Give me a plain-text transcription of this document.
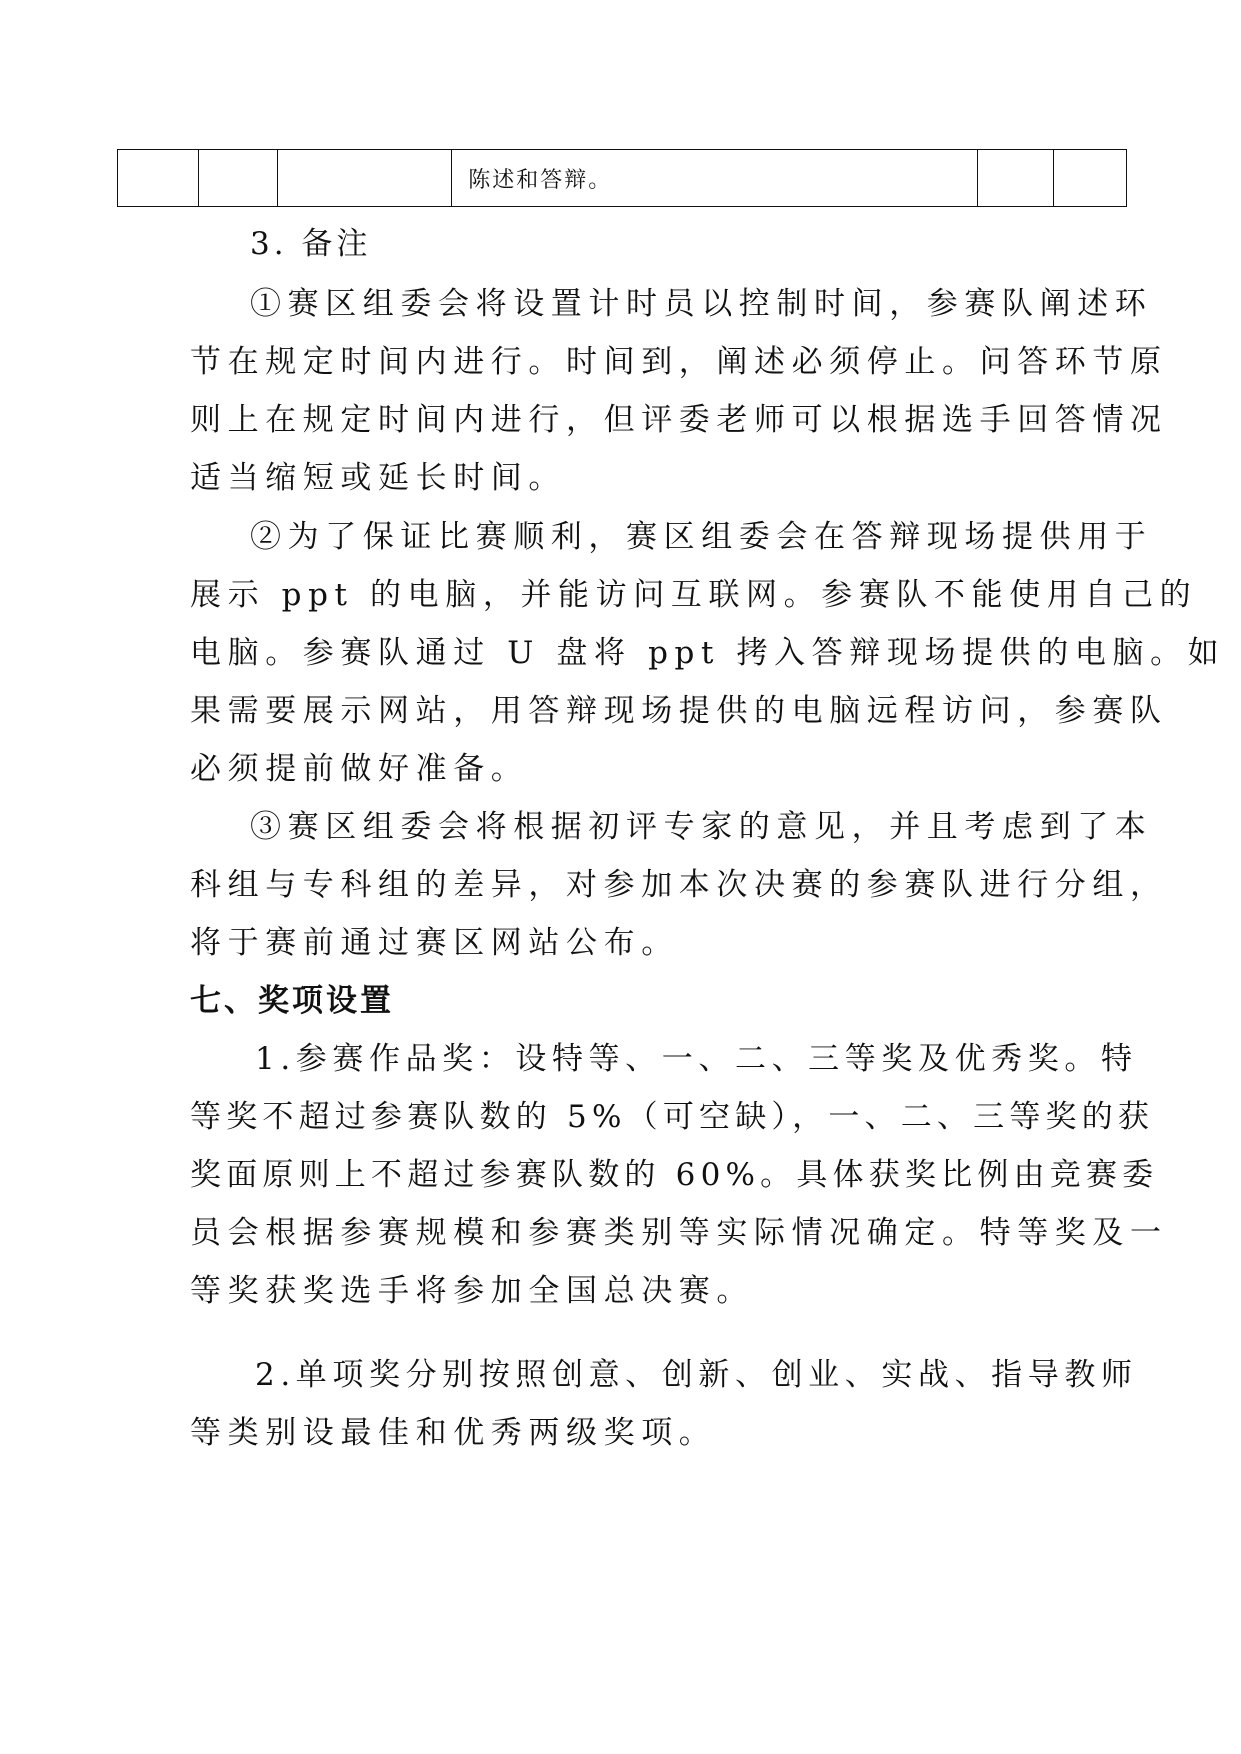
			陈述和答辩。		
3. 备注
①赛区组委会将设置计时员以控制时间，参赛队阐述环
节在规定时间内进行。时间到，阐述必须停止。问答环节原
则上在规定时间内进行，但评委老师可以根据选手回答情况
适当缩短或延长时间。
②为了保证比赛顺利，赛区组委会在答辩现场提供用于
展示 ppt 的电脑，并能访问互联网。参赛队不能使用自己的
电脑。参赛队通过 U 盘将 ppt 拷入答辩现场提供的电脑。如
果需要展示网站，用答辩现场提供的电脑远程访问，参赛队
必须提前做好准备。
③赛区组委会将根据初评专家的意见，并且考虑到了本
科组与专科组的差异，对参加本次决赛的参赛队进行分组，
将于赛前通过赛区网站公布。
七、奖项设置
1.参赛作品奖：设特等、一、二、三等奖及优秀奖。特
等奖不超过参赛队数的 5%（可空缺），一、二、三等奖的获
奖面原则上不超过参赛队数的 60%。具体获奖比例由竞赛委
员会根据参赛规模和参赛类别等实际情况确定。特等奖及一
等奖获奖选手将参加全国总决赛。
2.单项奖分别按照创意、创新、创业、实战、指导教师
等类别设最佳和优秀两级奖项。
